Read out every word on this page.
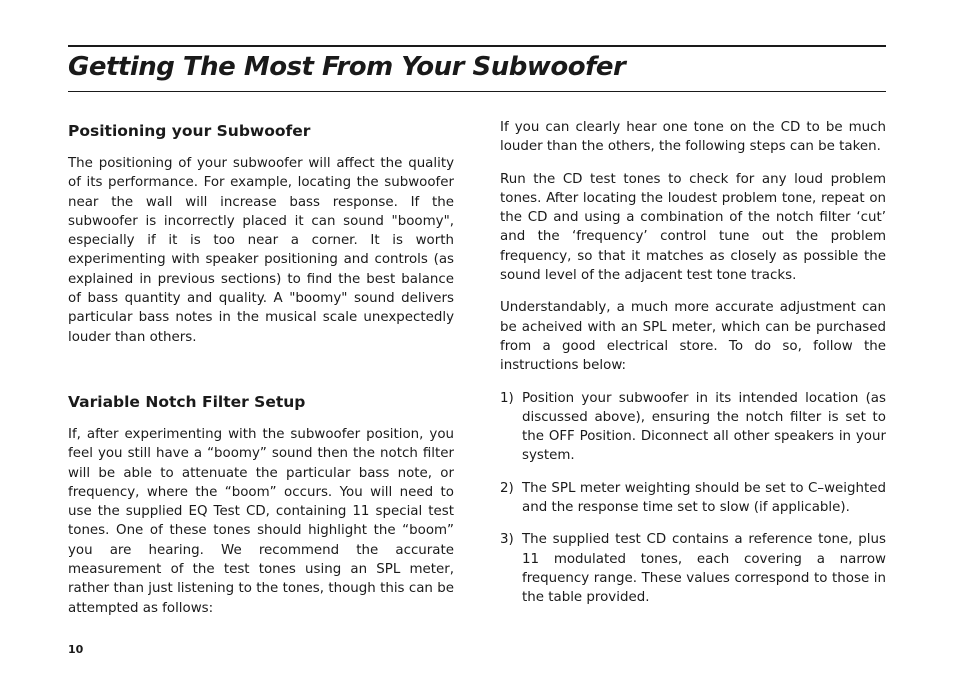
Getting The Most From Your Subwoofer
Positioning your Subwoofer

The positioning of your subwoofer will affect the quality of its performance. For example, locating the subwoofer near the wall will increase bass response. If the subwoofer is incorrectly placed it can sound "boomy", especially if it is too near a corner. It is worth experimenting with speaker positioning and controls (as explained in previous sections) to find the best balance of bass quantity and quality. A "boomy" sound delivers particular bass notes in the musical scale unexpectedly louder than others.

Variable Notch Filter Setup

If, after experimenting with the subwoofer position, you feel you still have a “boomy” sound then the notch filter will be able to attenuate the particular bass note, or frequency, where the “boom” occurs. You will need to use the supplied EQ Test CD, containing 11 special test tones. One of these tones should highlight the “boom” you are hearing. We recommend the accurate measurement of the test tones using an SPL meter, rather than just listening to the tones, though this can be attempted as follows:

If you can clearly hear one tone on the CD to be much louder than the others, the following steps can be taken.

Run the CD test tones to check for any loud problem tones. After locating the loudest problem tone, repeat on the CD and using a combination of the notch filter ‘cut’ and the ‘frequency’ control tune out the problem frequency, so that it matches as closely as possible the sound level of the adjacent test tone tracks.

Understandably, a much more accurate adjustment can be acheived with an SPL meter, which can be purchased from a good electrical store. To do so, follow the instructions below:

1) Position your subwoofer in its intended location (as discussed above), ensuring the notch filter is set to the OFF Position. Diconnect all other speakers in your system.
2) The SPL meter weighting should be set to C–weighted and the response time set to slow (if applicable).
3) The supplied test CD contains a reference tone, plus 11 modulated tones, each covering a narrow frequency range. These values correspond to those in the table provided.
10
